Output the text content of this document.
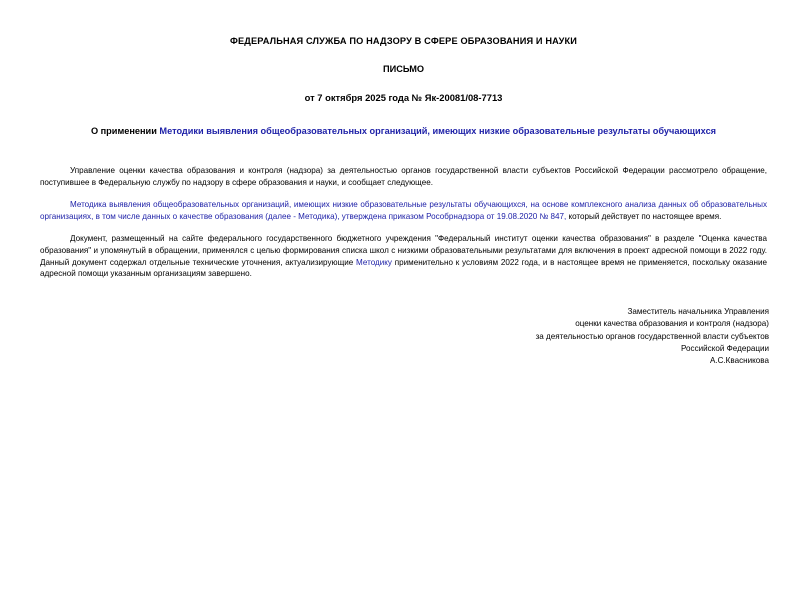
ФЕДЕРАЛЬНАЯ СЛУЖБА ПО НАДЗОРУ В СФЕРЕ ОБРАЗОВАНИЯ И НАУКИ
ПИСЬМО
от 7 октября 2025 года № Як-20081/08-7713
О применении Методики выявления общеобразовательных организаций, имеющих низкие образовательные результаты обучающихся

Управление оценки качества образования и контроля (надзора) за деятельностью органов государственной власти субъектов Российской Федерации рассмотрело обращение, поступившее в Федеральную службу по надзору в сфере образования и науки, и сообщает следующее.

Методика выявления общеобразовательных организаций, имеющих низкие образовательные результаты обучающихся, на основе комплексного анализа данных об образовательных организациях, в том числе данных о качестве образования (далее - Методика), утверждена приказом Рособрнадзора от 19.08.2020 № 847, который действует по настоящее время.

Документ, размещенный на сайте федерального государственного бюджетного учреждения "Федеральный институт оценки качества образования" в разделе "Оценка качества образования" и упомянутый в обращении, применялся с целью формирования списка школ с низкими образовательными результатами для включения в проект адресной помощи в 2022 году. Данный документ содержал отдельные технические уточнения, актуализирующие Методику применительно к условиям 2022 года, и в настоящее время не применяется, поскольку оказание адресной помощи указанным организациям завершено.

Заместитель начальника Управления
оценки качества образования и контроля (надзора)
за деятельностью органов государственной власти субъектов
Российской Федерации
А.С.Квасникова
